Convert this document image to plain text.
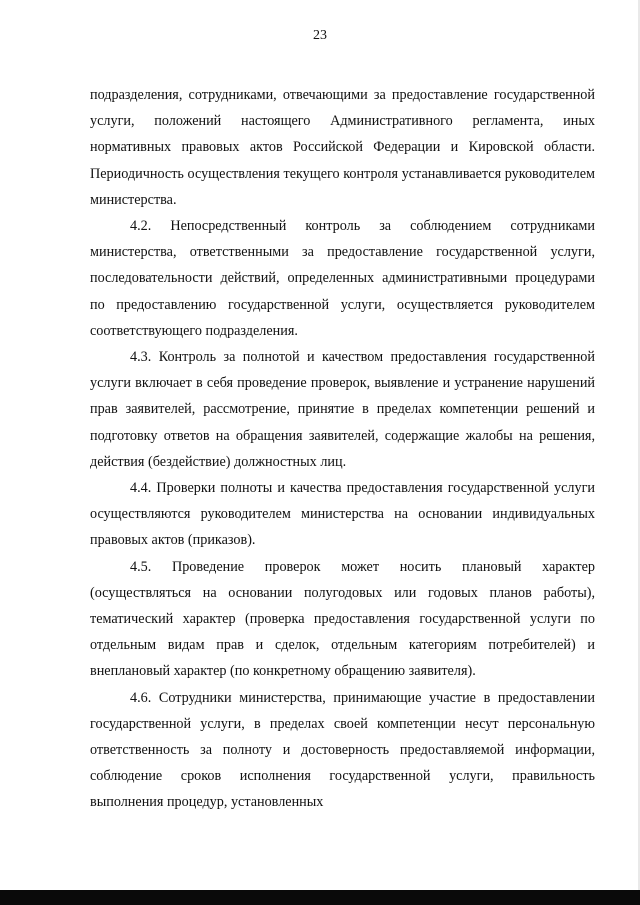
23

подразделения, сотрудниками, отвечающими за предоставление государственной услуги, положений настоящего Административного регламента, иных нормативных правовых актов Российской Федерации и Кировской области. Периодичность осуществления текущего контроля устанавливается руководителем министерства.

4.2. Непосредственный контроль за соблюдением сотрудниками министерства, ответственными за предоставление государственной услуги, последовательности действий, определенных административными процедурами по предоставлению государственной услуги, осуществляется руководителем соответствующего подразделения.

4.3. Контроль за полнотой и качеством предоставления государственной услуги включает в себя проведение проверок, выявление и устранение нарушений прав заявителей, рассмотрение, принятие в пределах компетенции решений и подготовку ответов на обращения заявителей, содержащие жалобы на решения, действия (бездействие) должностных лиц.

4.4. Проверки полноты и качества предоставления государственной услуги осуществляются руководителем министерства на основании индивидуальных правовых актов (приказов).

4.5. Проведение проверок может носить плановый характер (осуществляться на основании полугодовых или годовых планов работы), тематический характер (проверка предоставления государственной услуги по отдельным видам прав и сделок, отдельным категориям потребителей) и внеплановый характер (по конкретному обращению заявителя).

4.6. Сотрудники министерства, принимающие участие в предоставлении государственной услуги, в пределах своей компетенции несут персональную ответственность за полноту и достоверность предоставляемой информации, соблюдение сроков исполнения государственной услуги, правильность выполнения процедур, установленных
